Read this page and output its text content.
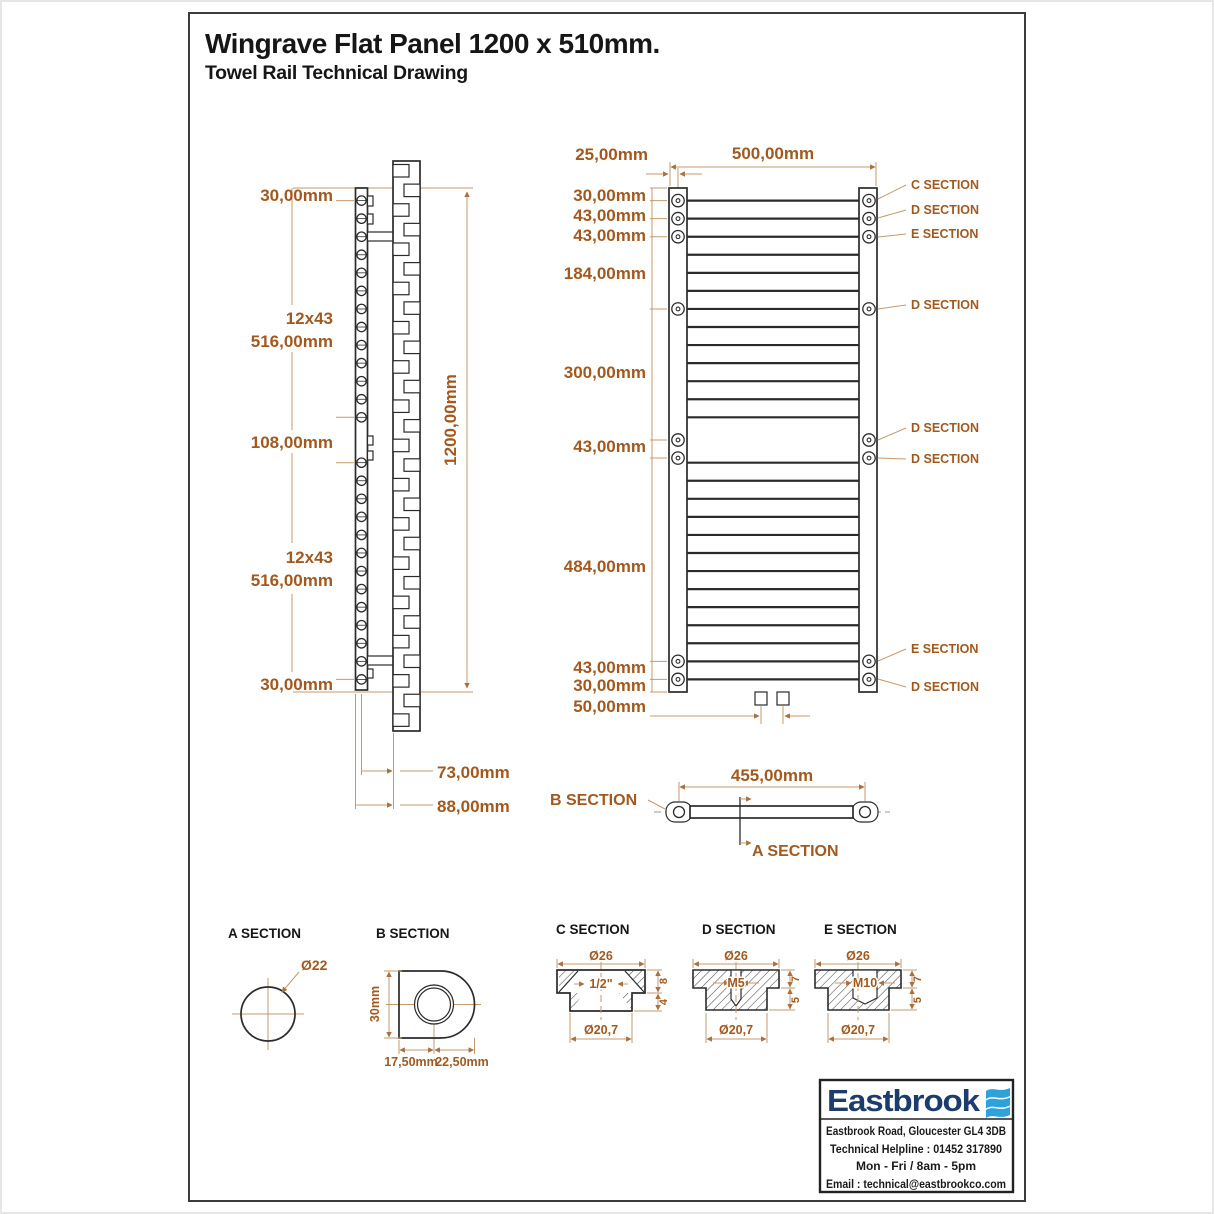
Wingrave Flat Panel 1200 x 510mm.
Towel Rail Technical Drawing
30,00mm
12x43
516,00mm
108,00mm
12x43
516,00mm
30,00mm
1200,00mm
73,00mm
88,00mm
25,00mm	500,00mm
30,00mm
43,00mm
43,00mm
184,00mm
300,00mm
43,00mm
484,00mm
43,00mm
30,00mm
50,00mm
C SECTION
D SECTION
E SECTION
D SECTION
D SECTION
D SECTION
E SECTION
D SECTION
455,00mm
B SECTION
A SECTION
A SECTION
Ø22
B SECTION
30mm
17,50mm
22,50mm
C SECTION
Ø26
1/2"
Ø20,7
8
4
D SECTION
Ø26
M5
Ø20,7
7
5
E SECTION
Ø26
M10
Ø20,7
7
5
Eastbrook
Eastbrook Road, Gloucester GL4 3DB
Technical Helpline : 01452 317890
Mon - Fri / 8am - 5pm
Email : technical@eastbrookco.com
